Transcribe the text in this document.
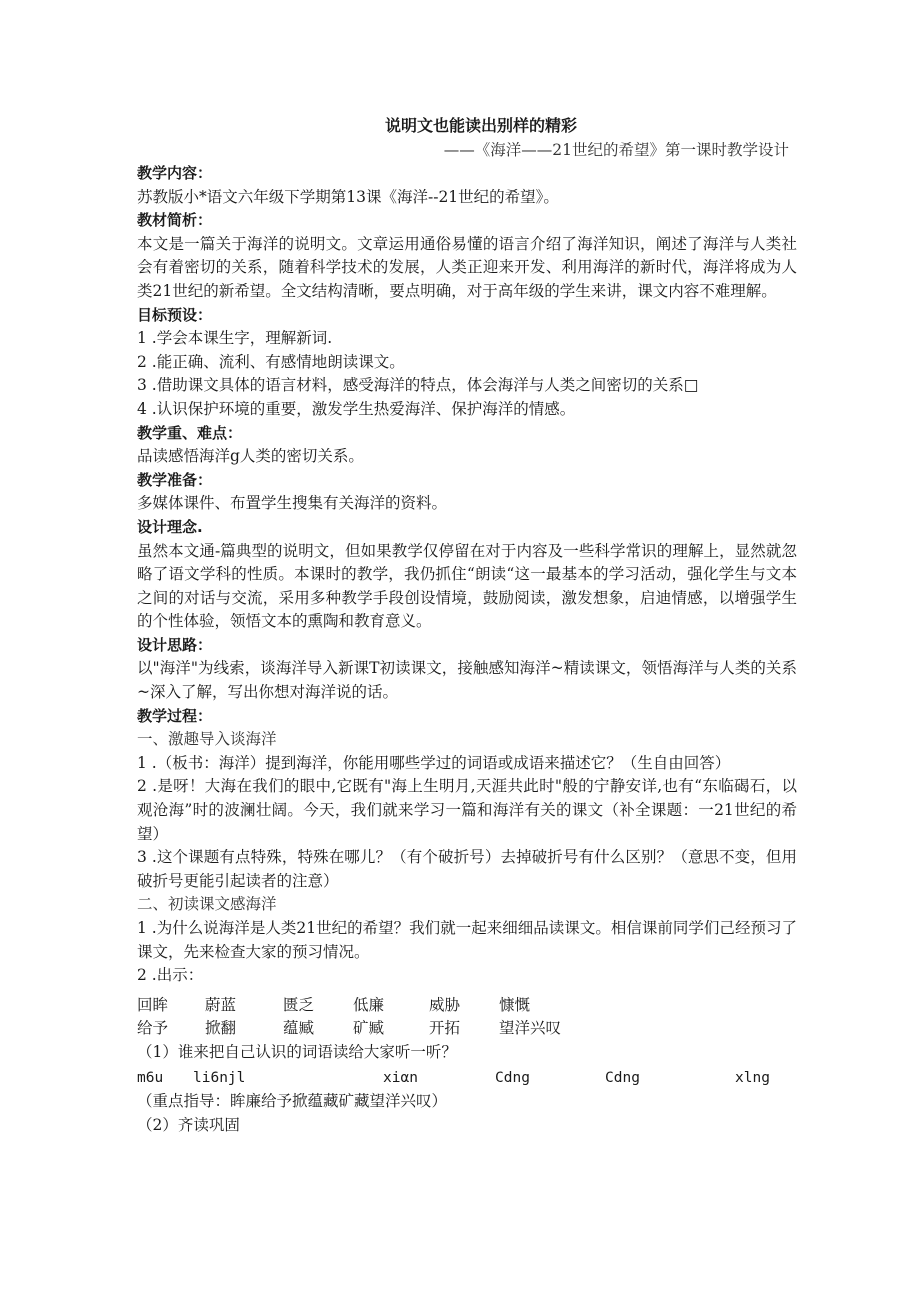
说明文也能读出别样的精彩
——《海洋——21世纪的希望》第一课时教学设计
教学内容：

苏教版小*语文六年级下学期第13课《海洋--21世纪的希望》。

教材简析：

本文是一篇关于海洋的说明文。文章运用通俗易懂的语言介绍了海洋知识，阐述了海洋与人类社会有着密切的关系，随着科学技术的发展，人类正迎来开发、利用海洋的新时代，海洋将成为人类21世纪的新希望。全文结构清晰，要点明确，对于高年级的学生来讲，课文内容不难理解。

目标预设：

1 .学会本课生字，理解新词.

2 .能正确、流利、有感情地朗读课文。

3 .借助课文具体的语言材料，感受海洋的特点，体会海洋与人类之间密切的关系□

4 .认识保护环境的重要，激发学生热爱海洋、保护海洋的情感。

教学重、难点：

品读感悟海洋g人类的密切关系。

教学准备：

多媒体课件、布置学生搜集有关海洋的资料。

设计理念.

虽然本文通-篇典型的说明文，但如果教学仅停留在对于内容及一些科学常识的理解上，显然就忽略了语文学科的性质。本课时的教学，我仍抓住“朗读“这一最基本的学习活动，强化学生与文本之间的对话与交流，采用多种教学手段创设情境，鼓励阅读，激发想象，启迪情感，以增强学生的个性体验，领悟文本的熏陶和教育意义。

设计思路：

以"海洋"为线索，谈海洋导入新课T初读课文，接触感知海洋~精读课文，领悟海洋与人类的关系~深入了解，写出你想对海洋说的话。

教学过程：

一、激趣导入谈海洋

1 .（板书：海洋）提到海洋，你能用哪些学过的词语或成语来描述它？（生自由回答）

2 .是呀！大海在我们的眼中,它既有"海上生明月,天涯共此时"般的宁静安详,也有“东临碣石，以观沧海”时的波澜壮阔。今天，我们就来学习一篇和海洋有关的课文（补全课题：一21世纪的希望）

3 .这个课题有点特殊，特殊在哪儿？（有个破折号）去掉破折号有什么区别？（意思不变，但用破折号更能引起读者的注意）

二、初读课文感海洋

1 .为什么说海洋是人类21世纪的希望？我们就一起来细细品读课文。相信课前同学们己经预习了课文，先来检查大家的预习情况。

2 .出示：

回眸	蔚蓝	匮乏	低廉	威胁	慷慨
给予	掀翻	蕴臧	矿臧	开拓	望洋兴叹

（1）谁来把自己认识的词语读给大家听一听？

m6u	li6njl	xiαn	Cdng	Cdng	xlng

（重点指导：眸廉给予掀蕴藏矿藏望洋兴叹）

（2）齐读巩固
